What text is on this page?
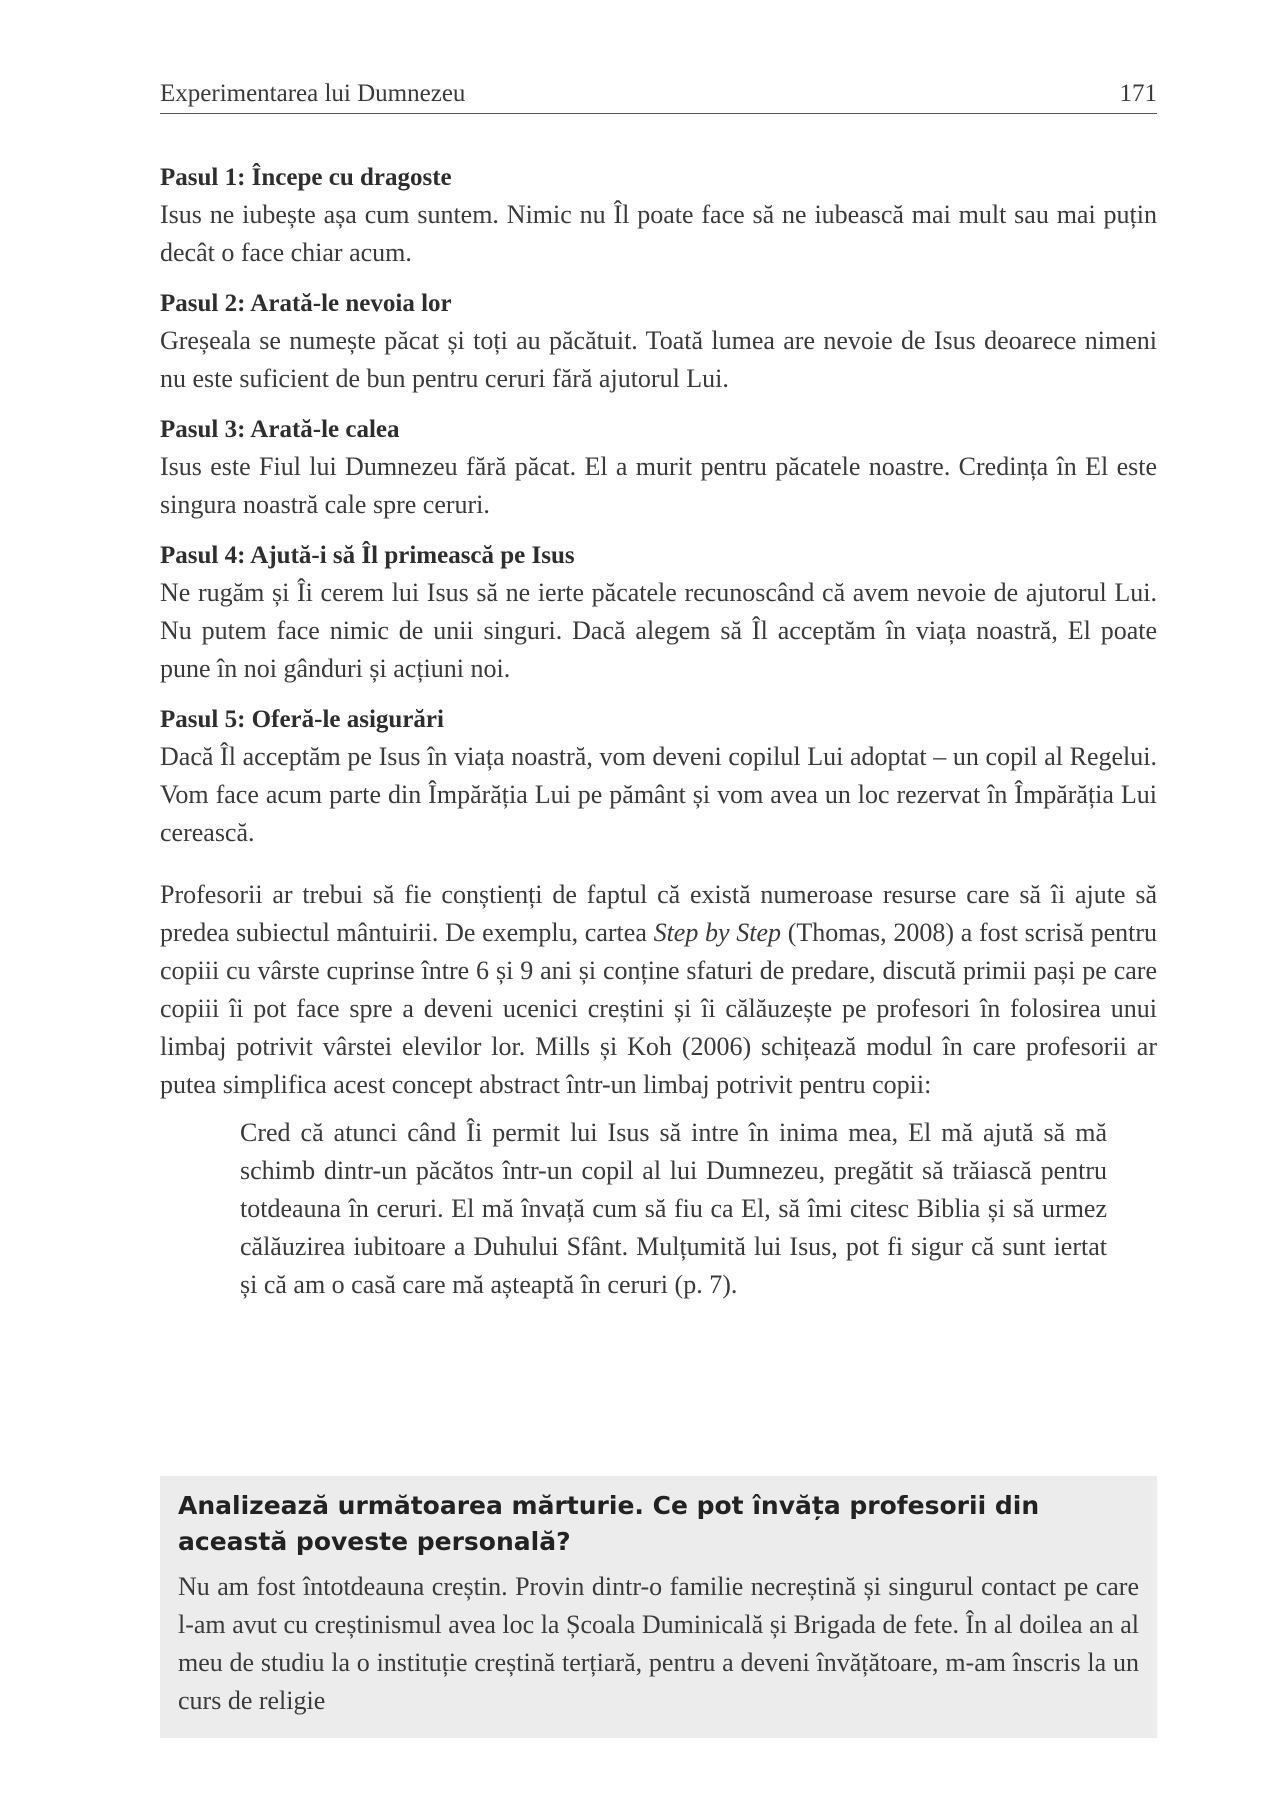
Experimentarea lui Dumnezeu	171
Pasul 1: Începe cu dragoste
Isus ne iubește așa cum suntem. Nimic nu Îl poate face să ne iubească mai mult sau mai puțin decât o face chiar acum.
Pasul 2: Arată-le nevoia lor
Greșeala se numește păcat și toți au păcătuit. Toată lumea are nevoie de Isus deoarece nimeni nu este suficient de bun pentru ceruri fără ajutorul Lui.
Pasul 3: Arată-le calea
Isus este Fiul lui Dumnezeu fără păcat. El a murit pentru păcatele noastre. Credința în El este singura noastră cale spre ceruri.
Pasul 4: Ajută-i să Îl primească pe Isus
Ne rugăm și Îi cerem lui Isus să ne ierte păcatele recunoscând că avem nevoie de ajutorul Lui. Nu putem face nimic de unii singuri. Dacă alegem să Îl acceptăm în viața noastră, El poate pune în noi gânduri și acțiuni noi.
Pasul 5: Oferă-le asigurări
Dacă Îl acceptăm pe Isus în viața noastră, vom deveni copilul Lui adoptat – un copil al Regelui. Vom face acum parte din Împărăția Lui pe pământ și vom avea un loc rezervat în Împărăția Lui cerească.
Profesorii ar trebui să fie conștienți de faptul că există numeroase resurse care să îi ajute să predea subiectul mântuirii. De exemplu, cartea Step by Step (Thomas, 2008) a fost scrisă pentru copiii cu vârste cuprinse între 6 și 9 ani și conține sfaturi de predare, discută primii pași pe care copiii îi pot face spre a deveni ucenici creștini și îi călăuzește pe profesori în folosirea unui limbaj potrivit vârstei elevilor lor. Mills și Koh (2006) schițează modul în care profesorii ar putea simplifica acest concept abstract într-un limbaj potrivit pentru copii:
Cred că atunci când Îi permit lui Isus să intre în inima mea, El mă ajută să mă schimb dintr-un păcătos într-un copil al lui Dumnezeu, pregătit să trăiască pentru totdeauna în ceruri. El mă învață cum să fiu ca El, să îmi citesc Biblia și să urmez călăuzirea iubitoare a Duhului Sfânt. Mulțumită lui Isus, pot fi sigur că sunt iertat și că am o casă care mă așteaptă în ceruri (p. 7).
Analizează următoarea mărturie. Ce pot învăța profesorii din această poveste personală?
Nu am fost întotdeauna creștin. Provin dintr-o familie necreștină și singurul contact pe care l-am avut cu creștinismul avea loc la Școala Duminicală și Brigada de fete. În al doilea an al meu de studiu la o instituție creștină terțiară, pentru a deveni învățătoare, m-am înscris la un curs de religie
